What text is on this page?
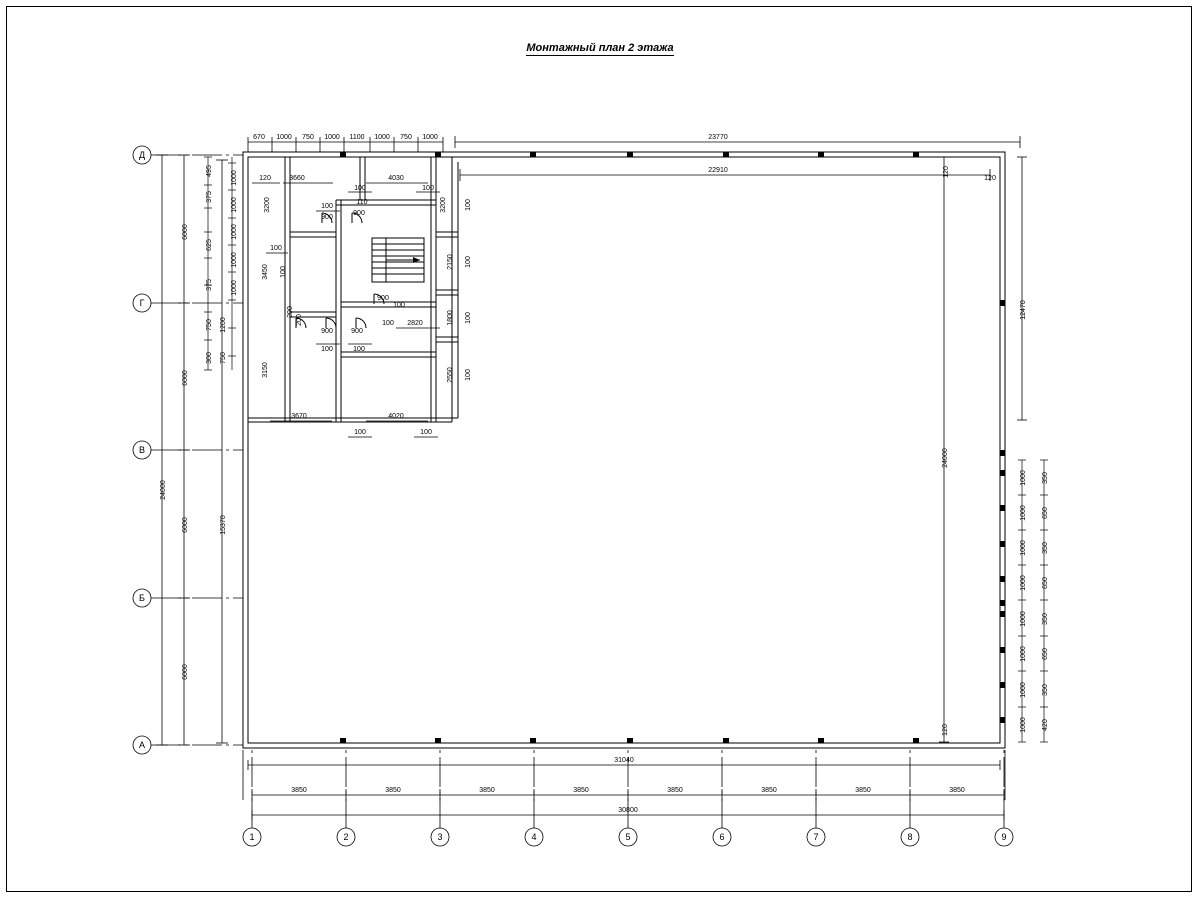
Монтажный план 2 этажа
Д
Г
В
Б
А
1	2	3	4	5	6	7	8	9
670 1000 750 1000 1100 1000 750 1000	23770
22910	120
120
6000
6000
6000
6000
24000
15370
495
375
625
375
750 1200
300 750
1000
1000
1000
1000
1000
24000
12470
120
1000
1000
1000
1000
1000
1000
1000
1000
350
650
350
650
350
650
350
420
31040
3850	3850	3850	3850	3850	3850	3850	3850
30800
120	3660	4030
100	100
3200	3200	100
100
110
900
900
2150 100
100
3450 100
200
200	1800 100
900
100
2820
100
900	900
100	100
3150	2550 100
3670	4020
100	100
